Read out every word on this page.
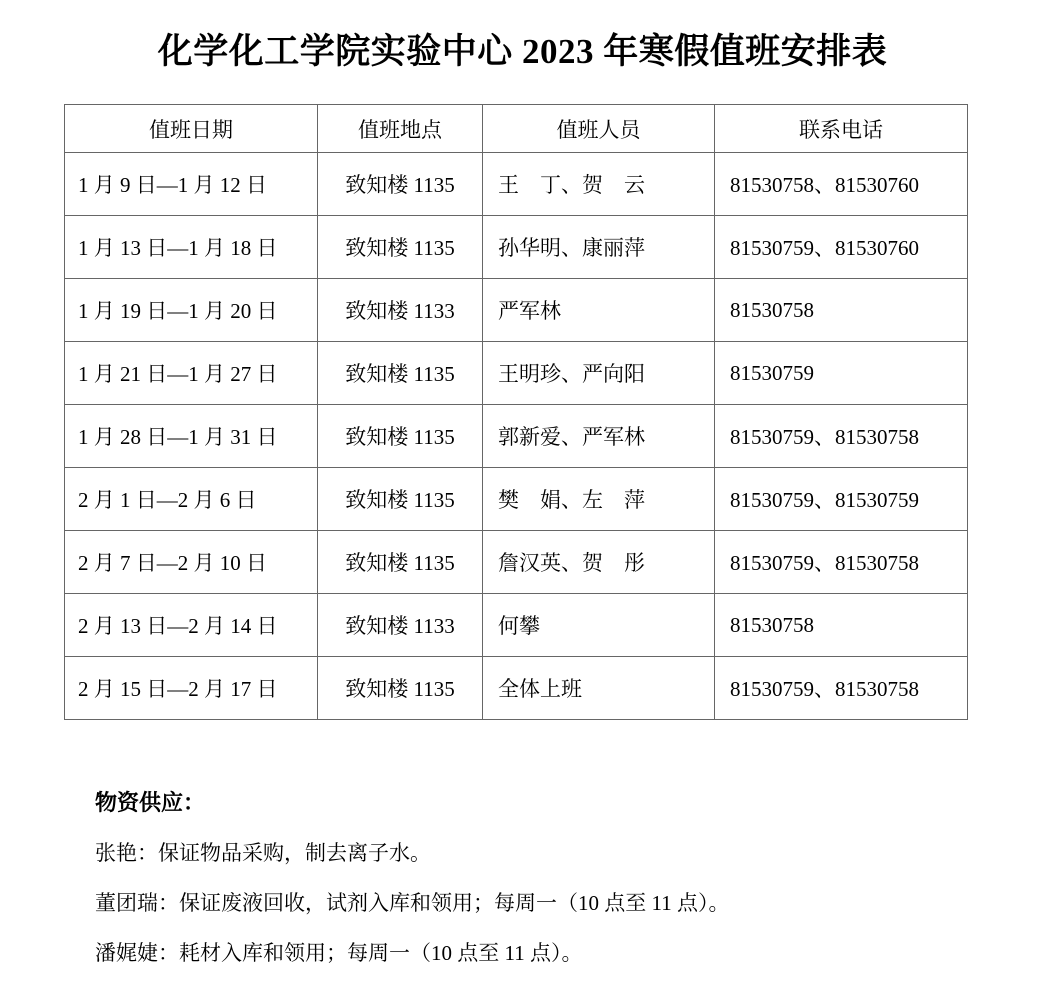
化学化工学院实验中心 2023 年寒假值班安排表
值班日期	值班地点	值班人员	联系电话
1 月 9 日—1 月 12 日	致知楼 1135	王　丁、贺　云	81530758、81530760
1 月 13 日—1 月 18 日	致知楼 1135	孙华明、康丽萍	81530759、81530760
1 月 19 日—1 月 20 日	致知楼 1133	严军林	81530758
1 月 21 日—1 月 27 日	致知楼 1135	王明珍、严向阳	81530759
1 月 28 日—1 月 31 日	致知楼 1135	郭新爱、严军林	81530759、81530758
2 月 1 日—2 月 6 日	致知楼 1135	樊　娟、左　萍	81530759、81530759
2 月 7 日—2 月 10 日	致知楼 1135	詹汉英、贺　彤	81530759、81530758
2 月 13 日—2 月 14 日	致知楼 1133	何攀	81530758
2 月 15 日—2 月 17 日	致知楼 1135	全体上班	81530759、81530758
物资供应：
张艳：保证物品采购，制去离子水。
董团瑞：保证废液回收，试剂入库和领用；每周一（10 点至 11 点）。
潘娓婕：耗材入库和领用；每周一（10 点至 11 点）。
